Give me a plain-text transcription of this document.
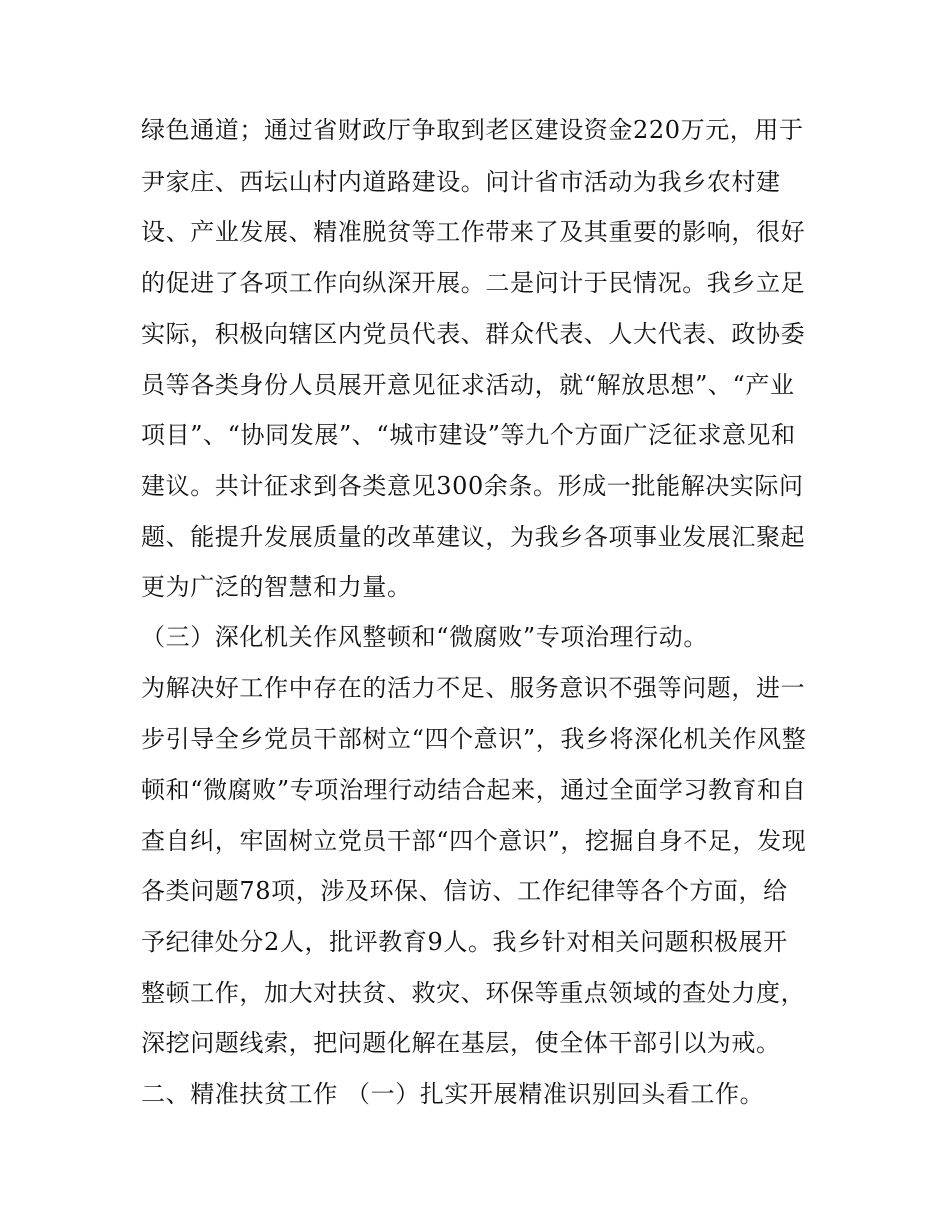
绿色通道；通过省财政厅争取到老区建设资金220万元，用于
尹家庄、西坛山村内道路建设。问计省市活动为我乡农村建
设、产业发展、精准脱贫等工作带来了及其重要的影响，很好
的促进了各项工作向纵深开展。二是问计于民情况。我乡立足
实际，积极向辖区内党员代表、群众代表、人大代表、政协委
员等各类身份人员展开意见征求活动，就“解放思想”、“产业
项目”、“协同发展”、“城市建设”等九个方面广泛征求意见和
建议。共计征求到各类意见300余条。形成一批能解决实际问
题、能提升发展质量的改革建议，为我乡各项事业发展汇聚起
更为广泛的智慧和力量。
（三）深化机关作风整顿和“微腐败”专项治理行动。
为解决好工作中存在的活力不足、服务意识不强等问题，进一
步引导全乡党员干部树立“四个意识”，我乡将深化机关作风整
顿和“微腐败”专项治理行动结合起来，通过全面学习教育和自
查自纠，牢固树立党员干部“四个意识”，挖掘自身不足，发现
各类问题78项，涉及环保、信访、工作纪律等各个方面，给
予纪律处分2人，批评教育9人。我乡针对相关问题积极展开
整顿工作，加大对扶贫、救灾、环保等重点领域的查处力度，
深挖问题线索，把问题化解在基层，使全体干部引以为戒。
二、精准扶贫工作 （一）扎实开展精准识别回头看工作。
